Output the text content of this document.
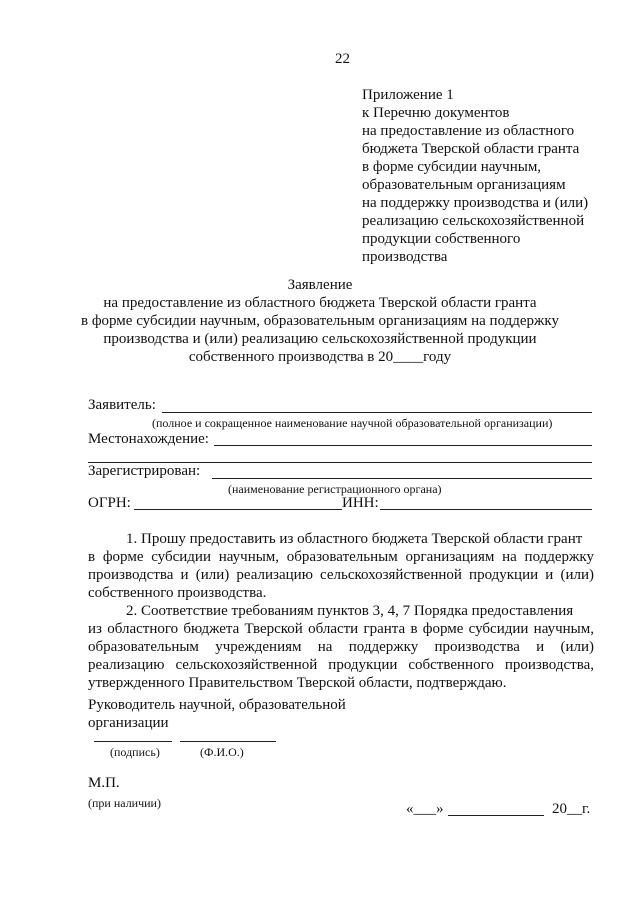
22
Приложение 1
к Перечню документов
на предоставление из областного
бюджета Тверской области гранта
в форме субсидии научным,
образовательным организациям
на поддержку производства и (или)
реализацию сельскохозяйственной
продукции собственного
производства
Заявление
на предоставление из областного бюджета Тверской области гранта
в форме субсидии научным, образовательным организациям на поддержку
производства и (или) реализацию сельскохозяйственной продукции
собственного производства в 20____году
Заявитель:
(полное и сокращенное наименование научной образовательной организации)
Местонахождение:
Зарегистрирован:
(наименование регистрационного органа)
ОГРН:	ИНН:
1. Прошу предоставить из областного бюджета Тверской области грант
в форме субсидии научным, образовательным организациям на поддержку
производства и (или) реализацию сельскохозяйственной продукции и (или)
собственного производства.
2. Соответствие требованиям пунктов 3, 4, 7 Порядка предоставления
из областного бюджета Тверской области гранта в форме субсидии научным,
образовательным учреждениям на поддержку производства и (или)
реализацию сельскохозяйственной продукции собственного производства,
утвержденного Правительством Тверской области, подтверждаю.
Руководитель научной, образовательной
организации
(подпись)	(Ф.И.О.)
М.П.
(при наличии)	«___»	20__г.
